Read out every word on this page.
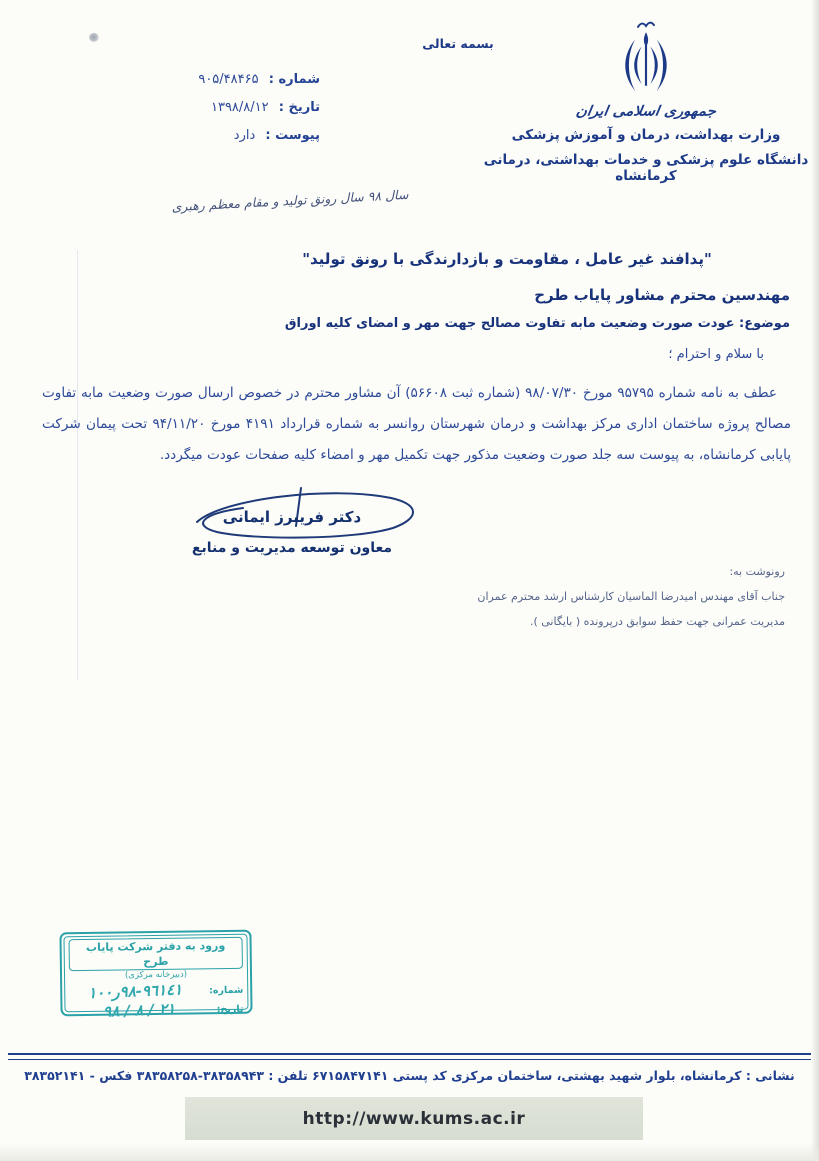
بسمه تعالی
شماره : ۹۰۵/۴۸۴۶۵
تاریخ : ۱۳۹۸/۸/۱۲
پیوست : دارد
جمهوری اسلامی ایران
وزارت بهداشت، درمان و آموزش پزشکی
دانشگاه علوم پزشکی و خدمات بهداشتی، درمانی کرمانشاه
سال ۹۸ سال رونق تولید و مقام معظم رهبری
"پدافند غیر عامل ، مقاومت و بازدارندگی با رونق تولید"
مهندسین محترم مشاور پایاب طرح
موضوع: عودت صورت وضعیت مابه تفاوت مصالح جهت مهر و امضای کلیه اوراق
با سلام و احترام ؛
عطف به نامه شماره ۹۵۷۹۵ مورخ ۹۸/۰۷/۳۰ (شماره ثبت ۵۶۶۰۸) آن مشاور محترم در خصوص ارسال صورت وضعیت مابه تفاوت مصالح پروژه ساختمان اداری مرکز بهداشت و درمان شهرستان روانسر به شماره قرارداد ۴۱۹۱ مورخ ۹۴/۱۱/۲۰ تحت پیمان شرکت پایابی کرمانشاه، به پیوست سه جلد صورت وضعیت مذکور جهت تکمیل مهر و امضاء کلیه صفحات عودت میگردد.
دکتر فریبرز ایمانی
معاون توسعه مدیریت و منابع
رونوشت به:
جناب آقای مهندس امیدرضا الماسیان کارشناس ارشد محترم عمران
مدیریت عمرانی جهت حفظ سوابق درپرونده ( بایگانی ).
ورود به دفتر شرکت پایاب طرح
(دبیرخانه مرکزی)
شماره:
۱۰۰ر۹۸-۹٦۱٤۱
تاریخ:
۹۸ / ۸ / ۲۱
نشانی : کرمانشاه، بلوار شهید بهشتی، ساختمان مرکزی کد پستی ۶۷۱۵۸۴۷۱۴۱ تلفن : ۳۸۳۵۸۹۴۳-۳۸۳۵۸۲۵۸ فکس - ۳۸۳۵۲۱۴۱
http://www.kums.ac.ir
